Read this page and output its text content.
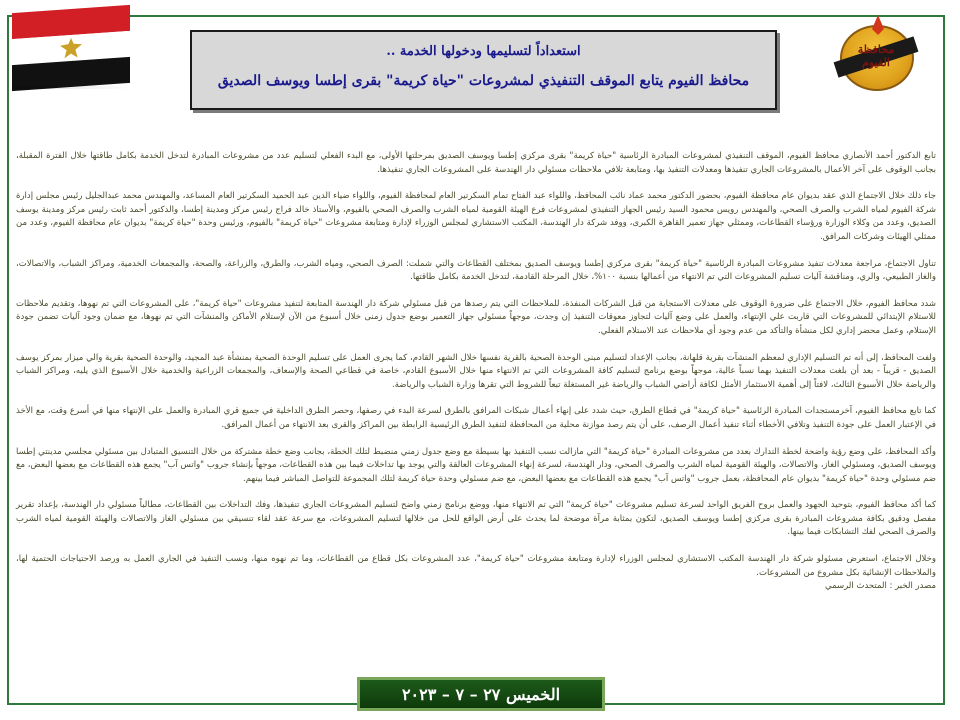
محافظة الفيوم
استعداداً لتسليمها ودخولها الخدمة ..
محافظ الفيوم يتابع الموقف التنفيذي لمشروعات "حياة كريمة" بقرى إطسا ويوسف الصديق

تابع الدكتور أحمد الأنصاري محافظ الفيوم، الموقف التنفيذي لمشروعات المبادرة الرئاسية "حياة كريمة" بقرى مركزي إطسا ويوسف الصديق بمرحلتها الأولى، مع البدء الفعلي لتسليم عدد من مشروعات المبادرة لتدخل الخدمة بكامل طاقتها خلال الفترة المقبلة، بجانب الوقوف على آخر الأعمال بالمشروعات الجاري تنفيذها ومعدلات التنفيذ بها، ومتابعة تلافي ملاحظات مسئولي دار الهندسة على المشروعات الجاري تنفيذها.

جاء ذلك خلال الاجتماع الذي عقد بديوان عام محافظة الفيوم، بحضور الدكتور محمد عماد نائب المحافظ، واللواء عبد الفتاح تمام السكرتير العام لمحافظة الفيوم، واللواء ضياء الدين عبد الحميد السكرتير العام المساعد، والمهندس محمد عبدالجليل رئيس مجلس إدارة شركة الفيوم لمياه الشرب والصرف الصحي، والمهندس رويس محمود السيد رئيس الجهاز التنفيذي لمشروعات فرع الهيئة القومية لمياه الشرب والصرف الصحي بالفيوم، والأستاذ خالد فراج رئيس مركز ومدينة إطسا، والدكتور أحمد ثابت رئيس مركز ومدينة يوسف الصديق، وعدد من وكلاء الوزارة ورؤساء القطاعات، وممثلي جهاز تعمير القاهرة الكبرى، ووفد شركة دار الهندسة، المكتب الاستشاري لمجلس الوزراء لإدارة ومتابعة مشروعات "حياة كريمة" بالفيوم، ورئيس وحدة "حياة كريمة" بديوان عام محافظة الفيوم، وعدد من ممثلي الهيئات وشركات المرافق.

تناول الاجتماع، مراجعة معدلات تنفيذ مشروعات المبادرة الرئاسية "حياة كريمة" بقرى مركزي إطسا ويوسف الصديق بمختلف القطاعات والتي شملت: الصرف الصحي، ومياه الشرب، والطرق، والزراعة، والصحة، والمجمعات الخدمية، ومراكز الشباب، والاتصالات، والغاز الطبيعي، والري، ومناقشة آليات تسليم المشروعات التي تم الانتهاء من أعمالها بنسبة ١٠٠%، خلال المرحلة القادمة، لتدخل الخدمة بكامل طاقتها.

شدد محافظ الفيوم، خلال الاجتماع على ضرورة الوقوف على معدلات الاستجابة من قبل الشركات المنفذة، للملاحظات التي يتم رصدها من قبل مسئولي شركة دار الهندسة المتابعة لتنفيذ مشروعات "حياة كريمة"، على المشروعات التي تم نهوها، وتقديم ملاحظات للاستلام الإبتدائي للمشروعات التي قاربت علي الإنتهاء، والعمل على وضع آليات لتجاوز معوقات التنفيذ إن وجدت، موجهاً مسئولي جهاز التعمير بوضع جدول زمنى خلال أسبوع من الآن لإستلام الأماكن والمنشآت التي تم نهوها، مع ضمان وجود آليات تضمن جودة الإستلام، وعمل محضر إداري لكل منشأة والتأكد من عدم وجود أي ملاحظات عند الاستلام الفعلي.

ولفت المحافظ، إلى أنه تم التسليم الإداري لمعظم المنشآت بقرية قلهانة، بجانب الإعداد لتسليم مبنى الوحدة الصحية بالقرية نفسها خلال الشهر القادم، كما يجرى العمل على تسليم الوحدة الصحية بمنشأة عبد المجيد، والوحدة الصحية بقرية والي ميزار بمركز يوسف الصديق - قريباً - بعد أن بلغت معدلات التنفيذ بهما نسباً عالية، موجهاً بوضع برنامج لتسليم كافة المشروعات التي تم الانتهاء منها خلال الأسبوع القادم، خاصة في قطاعي الصحة والإسعاف، والمجمعات الزراعية والخدمية خلال الأسبوع الذي يليه، ومراكز الشباب والرياضة خلال الأسبوع الثالث، لافتاً إلى أهمية الاستثمار الأمثل لكافة أراضي الشباب والرياضة غير المستغلة تبعاً للشروط التي تقرها وزارة الشباب والرياضة.

كما تابع محافظ الفيوم، آخرمستجدات المبادرة الرئاسية "حياة كريمة" في قطاع الطرق، حيث شدد على إنهاء أعمال شبكات المرافق بالطرق لسرعة البدء في رصفها، وحصر الطرق الداخلية في جميع قري المبادرة والعمل على الإنتهاء منها في أسرع وقت، مع الأخذ في الإعتبار العمل على جودة التنفيذ وتلافي الأخطاء أثناء تنفيذ أعمال الرصف، على أن يتم رصد موازنة محلية من المحافظة لتنفيذ الطرق الرئيسية الرابطة بين المراكز والقرى بعد الانتهاء من أعمال المرافق.

وأكد المحافظ، على وضع رؤية واضحة لخطة التدارك بعدد من مشروعات المبادرة "حياة كريمة" التي مازالت نسب التنفيذ بها بسيطة مع وضع جدول زمني منضبط لتلك الخطة، بجانب وضع خطة مشتركة من خلال التنسيق المتبادل بين مسئولي مجلسي مدينتي إطسا ويوسف الصديق، ومسئولي الغاز، والاتصالات، والهيئة القومية لمياه الشرب والصرف الصحي، ودار الهندسة، لسرعة إنهاء المشروعات العالقة والتي يوجد بها تداخلات فيما بين هذه القطاعات، موجهاً بإنشاء جروب "واتس آب" يجمع هذه القطاعات مع بعضها البعض، مع ضم مسئولي وحدة "حياة كريمة" بديوان عام المحافظة، بعمل جروب "واتس آب" يجمع هذه القطاعات مع بعضها البعض، مع ضم مسئولي وحدة حياة كريمة لتلك المجموعة للتواصل المباشر فيما بينهم.

كما أكد محافظ الفيوم، بتوحيد الجهود والعمل بروح الفريق الواحد لسرعة تسليم مشروعات "حياة كريمة" التي تم الانتهاء منها، ووضع برنامج زمني واضح لتسليم المشروعات الجاري تنفيذها، وفك التداخلات بين القطاعات، مطالباً مسئولي دار الهندسة، بإعداد تقرير مفصل ودقيق بكافة مشروعات المبادرة بقرى مركزي إطسا ويوسف الصديق، لتكون بمثابة مرآة موضحة لما يحدث على أرض الواقع للحل من خلالها لتسليم المشروعات، مع سرعة عقد لقاء تنسيقي بين مسئولي الغاز والاتصالات والهيئة القومية لمياه الشرب والصرف الصحي لفك التشابكات فيما بينها.

وخلال الاجتماع، استعرض مسئولو شركة دار الهندسة المكتب الاستشاري لمجلس الوزراء لإدارة ومتابعة مشروعات "حياة كريمة"، عدد المشروعات بكل قطاع من القطاعات، وما تم نهوه منها، ونسب التنفيذ في الجاري العمل به ورصد الاحتياجات الحتمية لها، والملاحظات الإنشائية بكل مشروع من المشروعات.
مصدر الخبر : المتحدث الرسمي

الخميس ٢٧ – ٧ – ٢٠٢٣
